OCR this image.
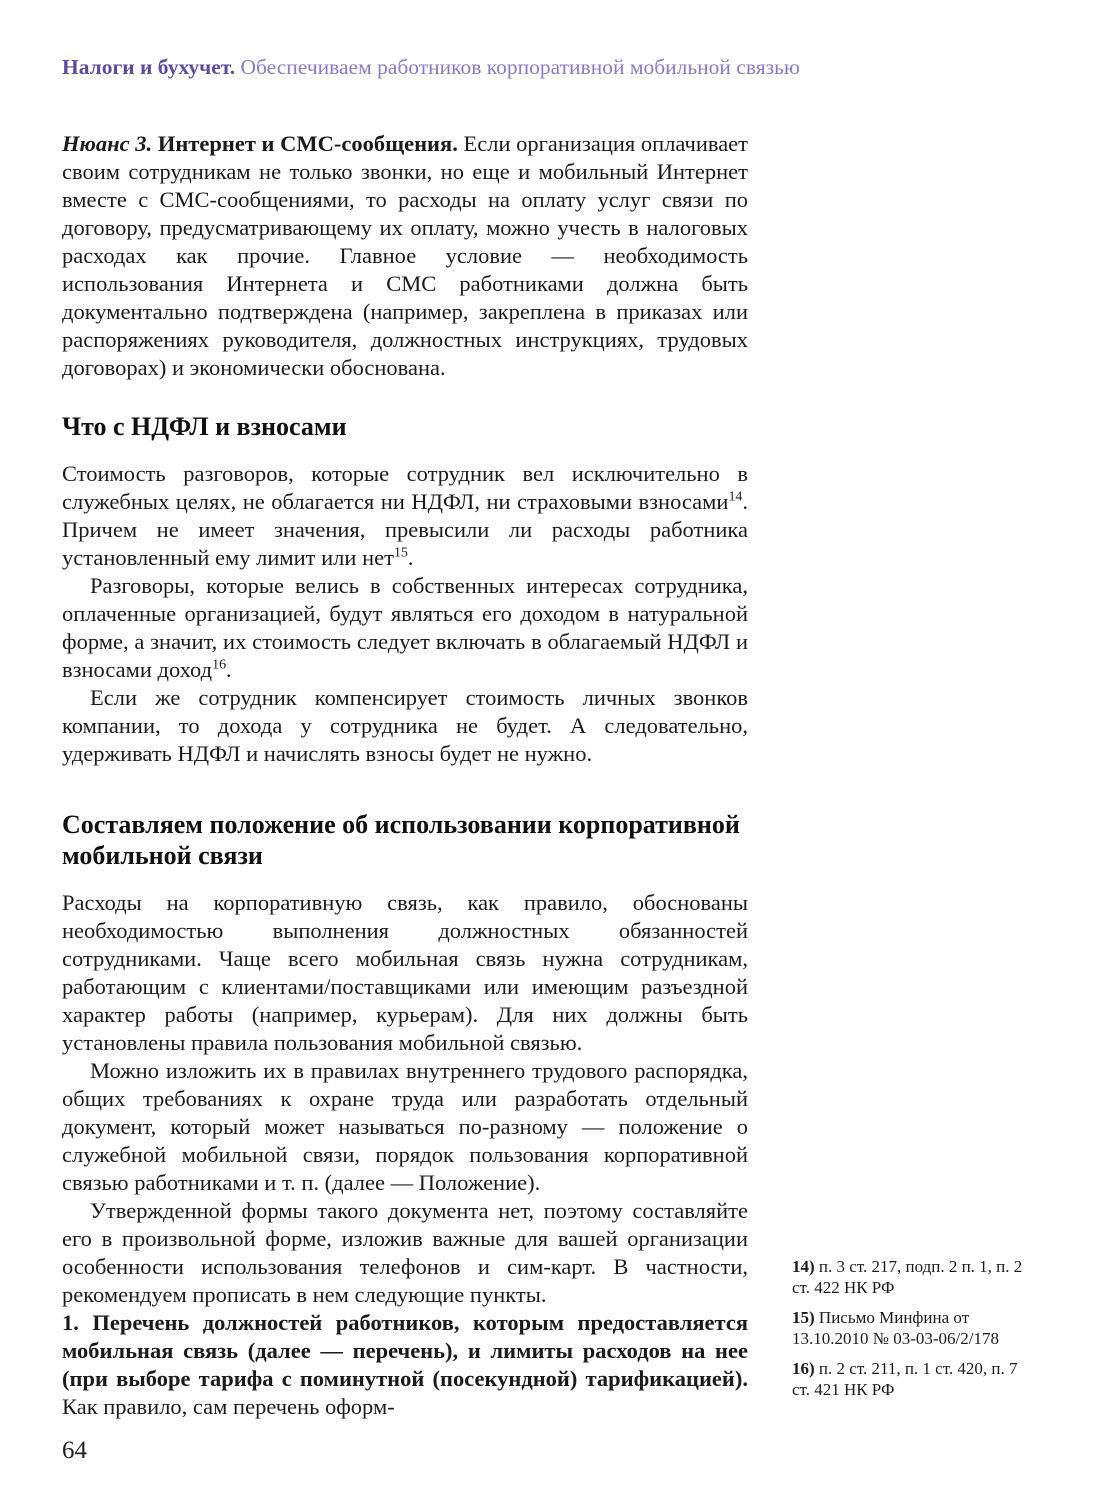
Налоги и бухучет. Обеспечиваем работников корпоративной мобильной связью

Нюанс 3. Интернет и СМС-сообщения. Если организация оплачивает своим сотрудникам не только звонки, но еще и мобильный Интернет вместе с СМС-сообщениями, то расходы на оплату услуг связи по договору, предусматривающему их оплату, можно учесть в налоговых расходах как прочие. Главное условие — необходимость использования Интернета и СМС работниками должна быть документально подтверждена (например, закреплена в приказах или распоряжениях руководителя, должностных инструкциях, трудовых договорах) и экономически обоснована.

Что с НДФЛ и взносами

Стоимость разговоров, которые сотрудник вел исключительно в служебных целях, не облагается ни НДФЛ, ни страховыми взносами$^{14}$. Причем не имеет значения, превысили ли расходы работника установленный ему лимит или нет$^{15}$.

Разговоры, которые велись в собственных интересах сотрудника, оплаченные организацией, будут являться его доходом в натуральной форме, а значит, их стоимость следует включать в облагаемый НДФЛ и взносами доход$^{16}$.

Если же сотрудник компенсирует стоимость личных звонков компании, то дохода у сотрудника не будет. А следовательно, удерживать НДФЛ и начислять взносы будет не нужно.

Составляем положение об использовании корпоративной мобильной связи

Расходы на корпоративную связь, как правило, обоснованы необходимостью выполнения должностных обязанностей сотрудниками. Чаще всего мобильная связь нужна сотрудникам, работающим с клиентами/поставщиками или имеющим разъездной характер работы (например, курьерам). Для них должны быть установлены правила пользования мобильной связью.

Можно изложить их в правилах внутреннего трудового распорядка, общих требованиях к охране труда или разработать отдельный документ, который может называться по-разному — положение о служебной мобильной связи, порядок пользования корпоративной связью работниками и т. п. (далее — Положение).

Утвержденной формы такого документа нет, поэтому составляйте его в произвольной форме, изложив важные для вашей организации особенности использования телефонов и сим-карт. В частности, рекомендуем прописать в нем следующие пункты.

1. Перечень должностей работников, которым предоставляется мобильная связь (далее — перечень), и лимиты расходов на нее (при выборе тарифа с поминутной (посекундной) тарификацией). Как правило, сам перечень оформ-

14) п. 3 ст. 217, подп. 2 п. 1, п. 2 ст. 422 НК РФ
15) Письмо Минфина от 13.10.2010 № 03-03-06/2/178
16) п. 2 ст. 211, п. 1 ст. 420, п. 7 ст. 421 НК РФ
64
